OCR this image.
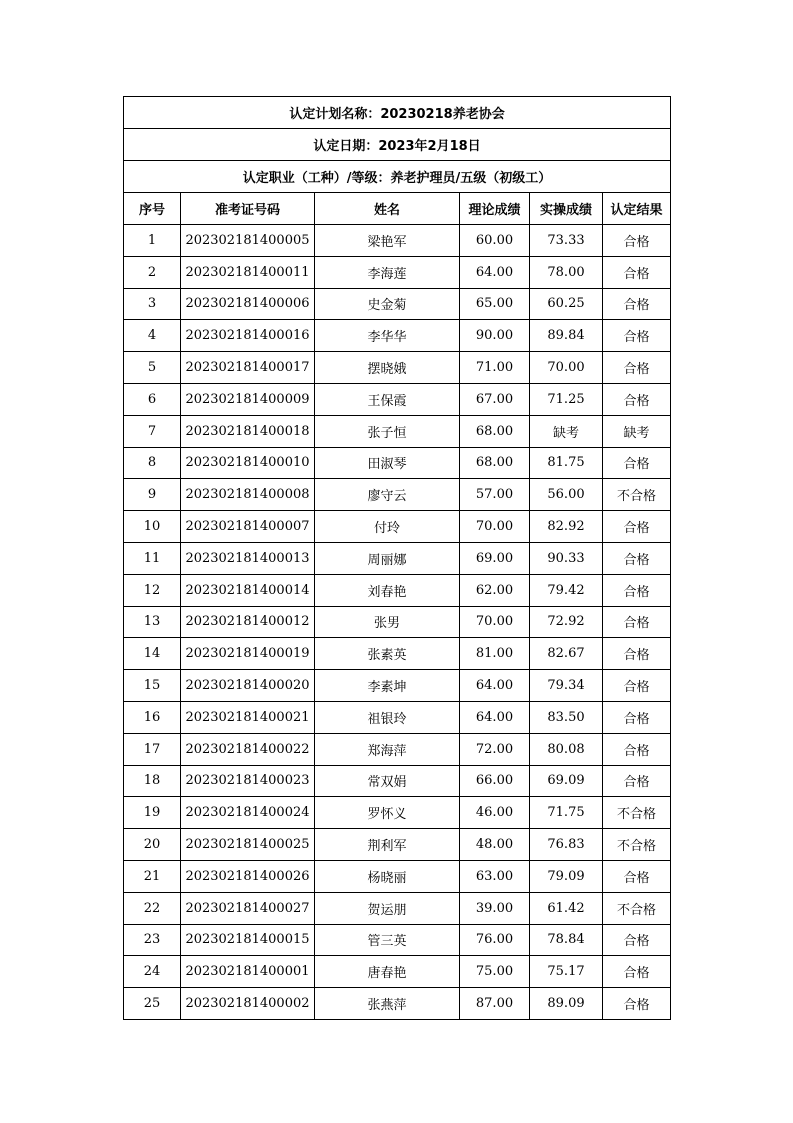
认定计划名称：20230218养老协会					
认定日期：2023年2月18日					
认定职业（工种）/等级：养老护理员/五级（初级工）					
序号	准考证号码	姓名	理论成绩	实操成绩	认定结果
1	202302181400005	梁艳军	60.00	73.33	合格
2	202302181400011	李海莲	64.00	78.00	合格
3	202302181400006	史金菊	65.00	60.25	合格
4	202302181400016	李华华	90.00	89.84	合格
5	202302181400017	摆晓娥	71.00	70.00	合格
6	202302181400009	王保霞	67.00	71.25	合格
7	202302181400018	张子恒	68.00	缺考	缺考
8	202302181400010	田淑琴	68.00	81.75	合格
9	202302181400008	廖守云	57.00	56.00	不合格
10	202302181400007	付玲	70.00	82.92	合格
11	202302181400013	周丽娜	69.00	90.33	合格
12	202302181400014	刘春艳	62.00	79.42	合格
13	202302181400012	张男	70.00	72.92	合格
14	202302181400019	张素英	81.00	82.67	合格
15	202302181400020	李素坤	64.00	79.34	合格
16	202302181400021	祖银玲	64.00	83.50	合格
17	202302181400022	郑海萍	72.00	80.08	合格
18	202302181400023	常双娟	66.00	69.09	合格
19	202302181400024	罗怀义	46.00	71.75	不合格
20	202302181400025	荆利军	48.00	76.83	不合格
21	202302181400026	杨晓丽	63.00	79.09	合格
22	202302181400027	贺运朋	39.00	61.42	不合格
23	202302181400015	管三英	76.00	78.84	合格
24	202302181400001	唐春艳	75.00	75.17	合格
25	202302181400002	张燕萍	87.00	89.09	合格
